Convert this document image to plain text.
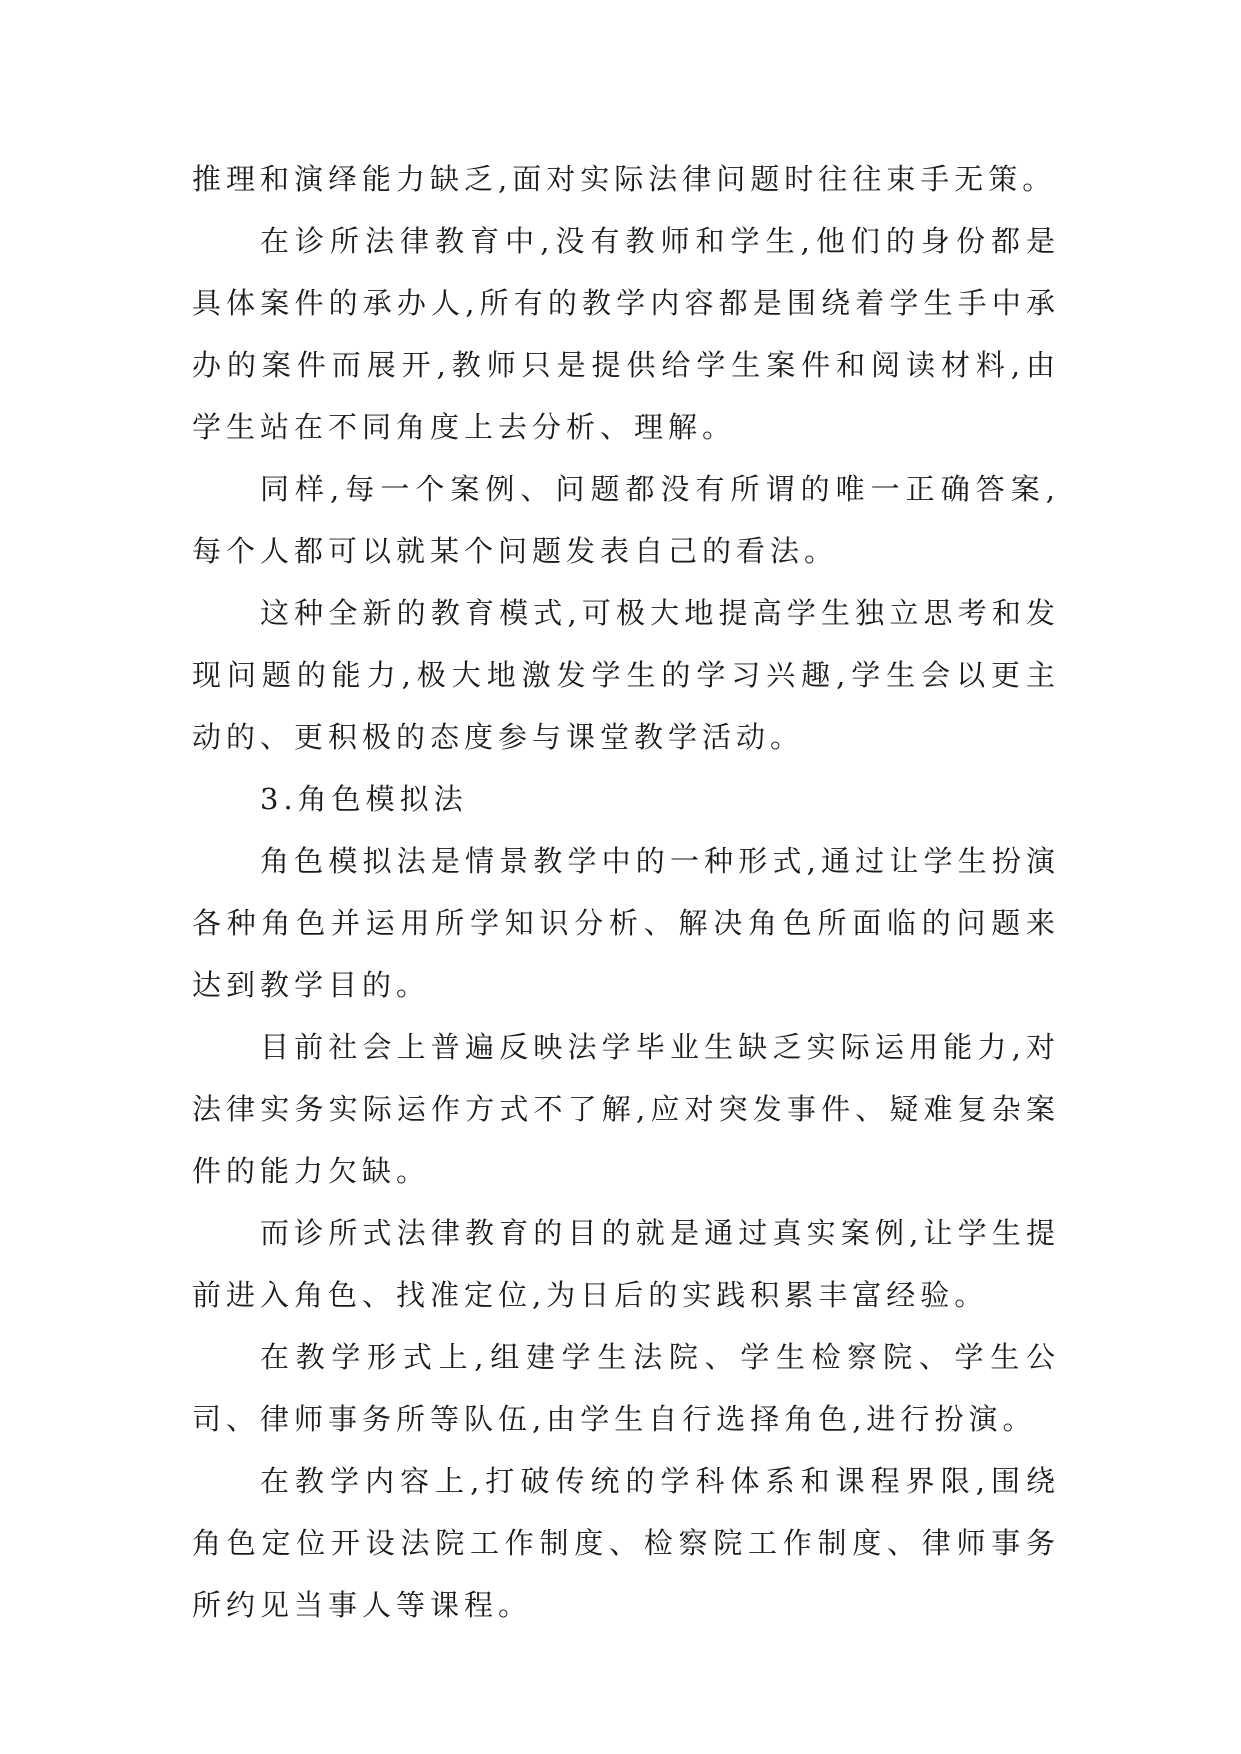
推理和演绎能力缺乏,面对实际法律问题时往往束手无策。

在诊所法律教育中,没有教师和学生,他们的身份都是具体案件的承办人,所有的教学内容都是围绕着学生手中承办的案件而展开,教师只是提供给学生案件和阅读材料,由学生站在不同角度上去分析、理解。

同样,每一个案例、问题都没有所谓的唯一正确答案,每个人都可以就某个问题发表自己的看法。

这种全新的教育模式,可极大地提高学生独立思考和发现问题的能力,极大地激发学生的学习兴趣,学生会以更主动的、更积极的态度参与课堂教学活动。

3.角色模拟法

角色模拟法是情景教学中的一种形式,通过让学生扮演各种角色并运用所学知识分析、解决角色所面临的问题来达到教学目的。

目前社会上普遍反映法学毕业生缺乏实际运用能力,对法律实务实际运作方式不了解,应对突发事件、疑难复杂案件的能力欠缺。

而诊所式法律教育的目的就是通过真实案例,让学生提前进入角色、找准定位,为日后的实践积累丰富经验。

在教学形式上,组建学生法院、学生检察院、学生公司、律师事务所等队伍,由学生自行选择角色,进行扮演。

在教学内容上,打破传统的学科体系和课程界限,围绕角色定位开设法院工作制度、检察院工作制度、律师事务所约见当事人等课程。
